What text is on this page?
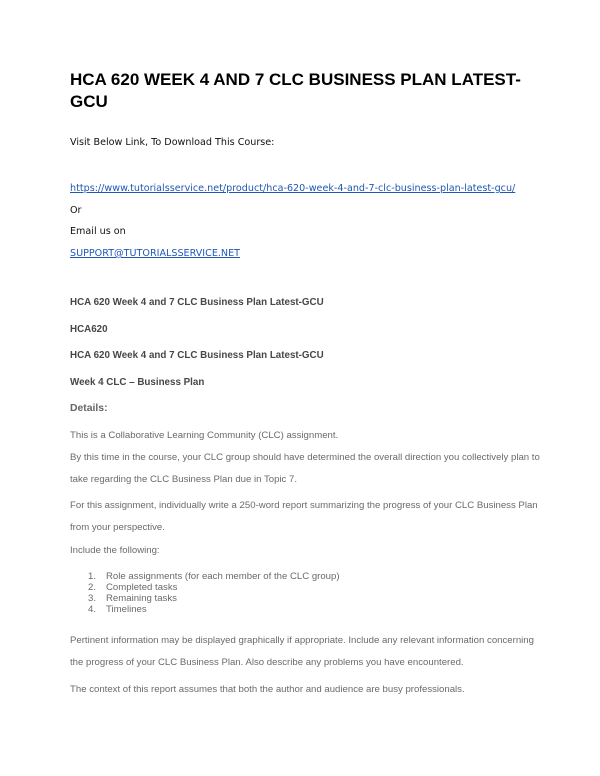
HCA 620 WEEK 4 AND 7 CLC BUSINESS PLAN LATEST-GCU

Visit Below Link, To Download This Course:

https://www.tutorialsservice.net/product/hca-620-week-4-and-7-clc-business-plan-latest-gcu/

Or

Email us on

SUPPORT@TUTORIALSSERVICE.NET

HCA 620 Week 4 and 7 CLC Business Plan Latest-GCU

HCA620

HCA 620 Week 4 and 7 CLC Business Plan Latest-GCU

Week 4 CLC – Business Plan

Details:

This is a Collaborative Learning Community (CLC) assignment.

By this time in the course, your CLC group should have determined the overall direction you collectively plan to take regarding the CLC Business Plan due in Topic 7.

For this assignment, individually write a 250-word report summarizing the progress of your CLC Business Plan from your perspective.

Include the following:

1. Role assignments (for each member of the CLC group)
2. Completed tasks
3. Remaining tasks
4. Timelines

Pertinent information may be displayed graphically if appropriate. Include any relevant information concerning the progress of your CLC Business Plan. Also describe any problems you have encountered.

The context of this report assumes that both the author and audience are busy professionals.
